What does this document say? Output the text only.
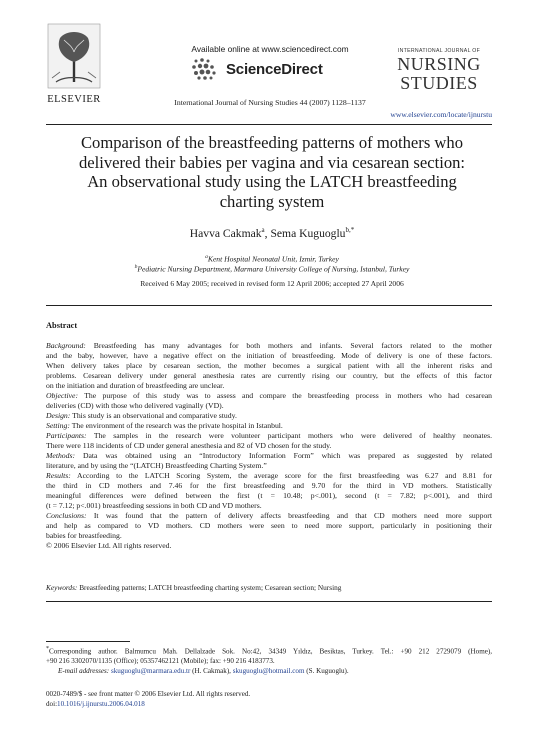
ELSEVIER
Available online at www.sciencedirect.com
ScienceDirect
International Journal of Nursing Studies 44 (2007) 1128–1137
INTERNATIONAL JOURNAL OF
NURSING
STUDIES
www.elsevier.com/locate/ijnurstu
Comparison of the breastfeeding patterns of mothers who
delivered their babies per vagina and via cesarean section:
An observational study using the LATCH breastfeeding
charting system
Havva Cakmak$^a$, Sema Kuguoglu$^{b,*}$
$^a$Kent Hospital Neonatal Unit, Izmir, Turkey
$^b$Pediatric Nursing Department, Marmara University College of Nursing, Istanbul, Turkey
Received 6 May 2005; received in revised form 12 April 2006; accepted 27 April 2006
Abstract
Background: Breastfeeding has many advantages for both mothers and infants. Several factors related to the mother
and the baby, however, have a negative effect on the initiation of breastfeeding. Mode of delivery is one of these factors.
When delivery takes place by cesarean section, the mother becomes a surgical patient with all the inherent risks and
problems. Cesarean delivery under general anesthesia rates are currently rising our country, but the effects of this factor
on the initiation and duration of breastfeeding are unclear.
Objective: The purpose of this study was to assess and compare the breastfeeding process in mothers who had cesarean
deliveries (CD) with those who delivered vaginally (VD).
Design: This study is an observational and comparative study.
Setting: The environment of the research was the private hospital in Istanbul.
Participants: The samples in the research were volunteer participant mothers who were delivered of healthy neonates.
There were 118 incidents of CD under general anesthesia and 82 of VD chosen for the study.
Methods: Data was obtained using an “Introductory Information Form” which was prepared as suggested by related
literature, and by using the “(LATCH) Breastfeeding Charting System.”
Results: According to the LATCH Scoring System, the average score for the first breastfeeding was 6.27 and 8.81 for
the third in CD mothers and 7.46 for the first breastfeeding and 9.70 for the third in VD mothers. Statistically
meaningful differences were defined between the first (t = 10.48; p<.001), second (t = 7.82; p<.001), and third
(t = 7.12; p<.001) breastfeeding sessions in both CD and VD mothers.
Conclusions: It was found that the pattern of delivery affects breastfeeding and that CD mothers need more support
and help as compared to VD mothers. CD mothers were seen to need more support, particularly in positioning their
babies for breastfeeding.
© 2006 Elsevier Ltd. All rights reserved.
Keywords: Breastfeeding patterns; LATCH breastfeeding charting system; Cesarean section; Nursing
*Corresponding author. Balmumcu Mah. Dellalzade Sok. No:42, 34349 Yıldız, Besiktas, Turkey. Tel.: +90 212 2729079 (Home),
+90 216 3302070/1135 (Office); 05357462121 (Mobile); fax: +90 216 4183773.
E-mail addresses: skuguoglu@marmara.edu.tr (H. Cakmak), skuguoglu@hotmail.com (S. Kuguoglu).
0020-7489/$ - see front matter © 2006 Elsevier Ltd. All rights reserved.
doi:10.1016/j.ijnurstu.2006.04.018
